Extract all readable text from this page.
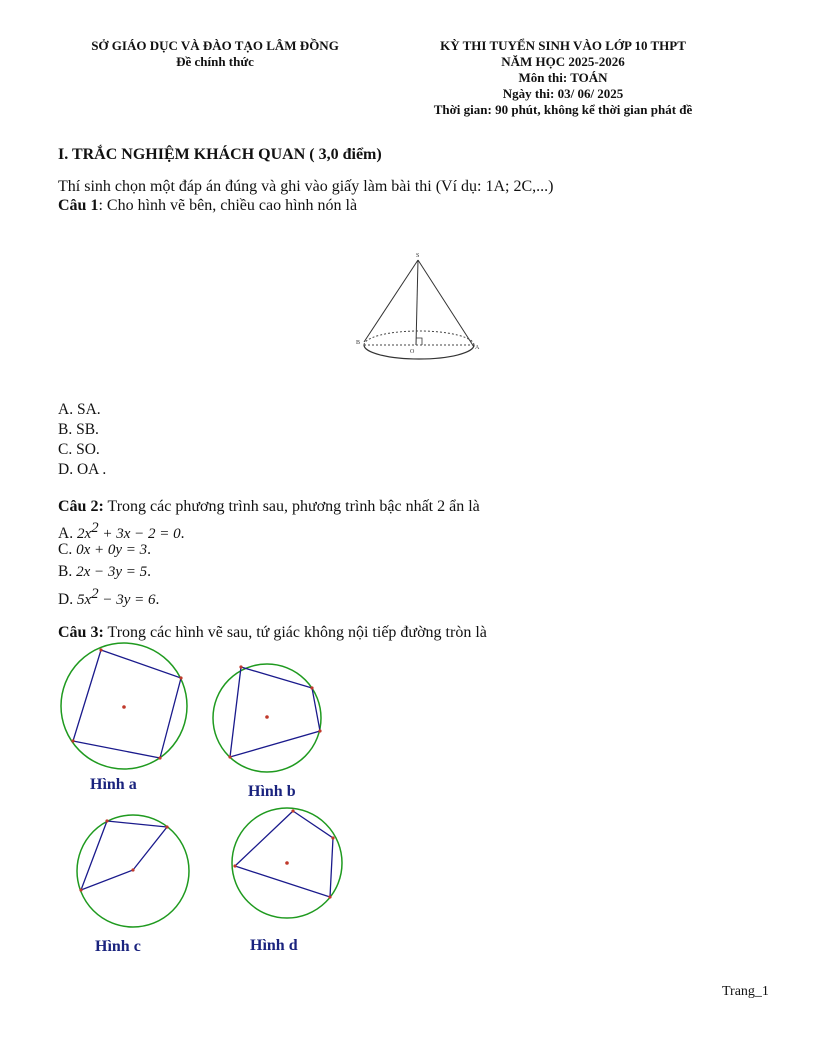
SỞ GIÁO DỤC VÀ ĐÀO TẠO LÂM ĐỒNG
Đề chính thức
KỲ THI TUYỂN SINH VÀO LỚP 10 THPT
NĂM HỌC 2025-2026
Môn thi: TOÁN
Ngày thi: 03/ 06/ 2025
Thời gian: 90 phút, không kể thời gian phát đề
I. TRẮC NGHIỆM KHÁCH QUAN ( 3,0 điểm)
Thí sinh chọn một đáp án đúng và ghi vào giấy làm bài thi (Ví dụ: 1A; 2C,...)
Câu 1: Cho hình vẽ bên, chiều cao hình nón là
S
B
O
A
A. SA.
B. SB.
C. SO.
D. OA .
Câu 2: Trong các phương trình sau, phương trình bậc nhất 2 ẩn là
A. $2x^2 + 3x - 2 = 0$.
C. 0x + 0y = 3.
B. 2x − 3y = 5.
D. $5x^2 - 3y = 6$.
Câu 3: Trong các hình vẽ sau, tứ giác không nội tiếp đường tròn là
Hình a	Hình b
Hình c	Hình d
Trang_1
